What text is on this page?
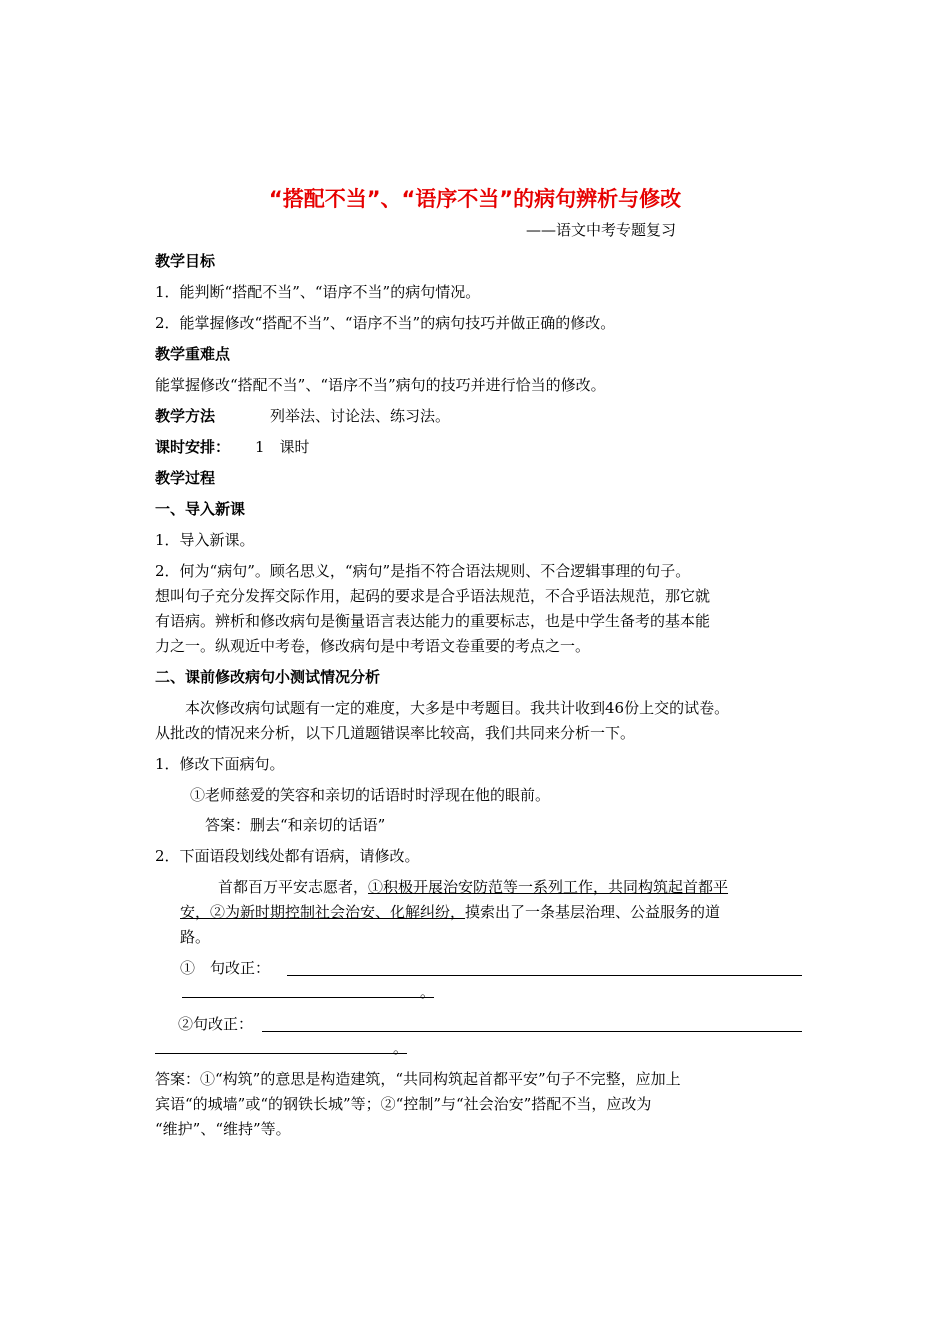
“搭配不当”、“语序不当”的病句辨析与修改
——语文中考专题复习
教学目标
1．能判断“搭配不当”、“语序不当”的病句情况。
2．能掌握修改“搭配不当”、“语序不当”的病句技巧并做正确的修改。
教学重难点
能掌握修改“搭配不当”、“语序不当”病句的技巧并进行恰当的修改。
教学方法	列举法、讨论法、练习法。
课时安排： 1　课时
教学过程
一、导入新课
1．导入新课。
2．何为“病句”。顾名思义，“病句”是指不符合语法规则、不合逻辑事理的句子。
想叫句子充分发挥交际作用，起码的要求是合乎语法规范，不合乎语法规范，那它就
有语病。辨析和修改病句是衡量语言表达能力的重要标志，也是中学生备考的基本能
力之一。纵观近中考卷，修改病句是中考语文卷重要的考点之一。
二、课前修改病句小测试情况分析
本次修改病句试题有一定的难度，大多是中考题目。我共计收到46份上交的试卷。
从批改的情况来分析，以下几道题错误率比较高，我们共同来分析一下。
1．修改下面病句。
①老师慈爱的笑容和亲切的话语时时浮现在他的眼前。
答案：删去“和亲切的话语”
2．下面语段划线处都有语病，请修改。
首都百万平安志愿者，①积极开展治安防范等一系列工作，共同构筑起首都平
安，②为新时期控制社会治安、化解纠纷，摸索出了一条基层治理、公益服务的道
路。
①　句改正：
。
②句改正：
。
答案：①“构筑”的意思是构造建筑，“共同构筑起首都平安”句子不完整，应加上
宾语“的城墙”或“的钢铁长城”等；②“控制”与“社会治安”搭配不当，应改为
“维护”、“维持”等。
